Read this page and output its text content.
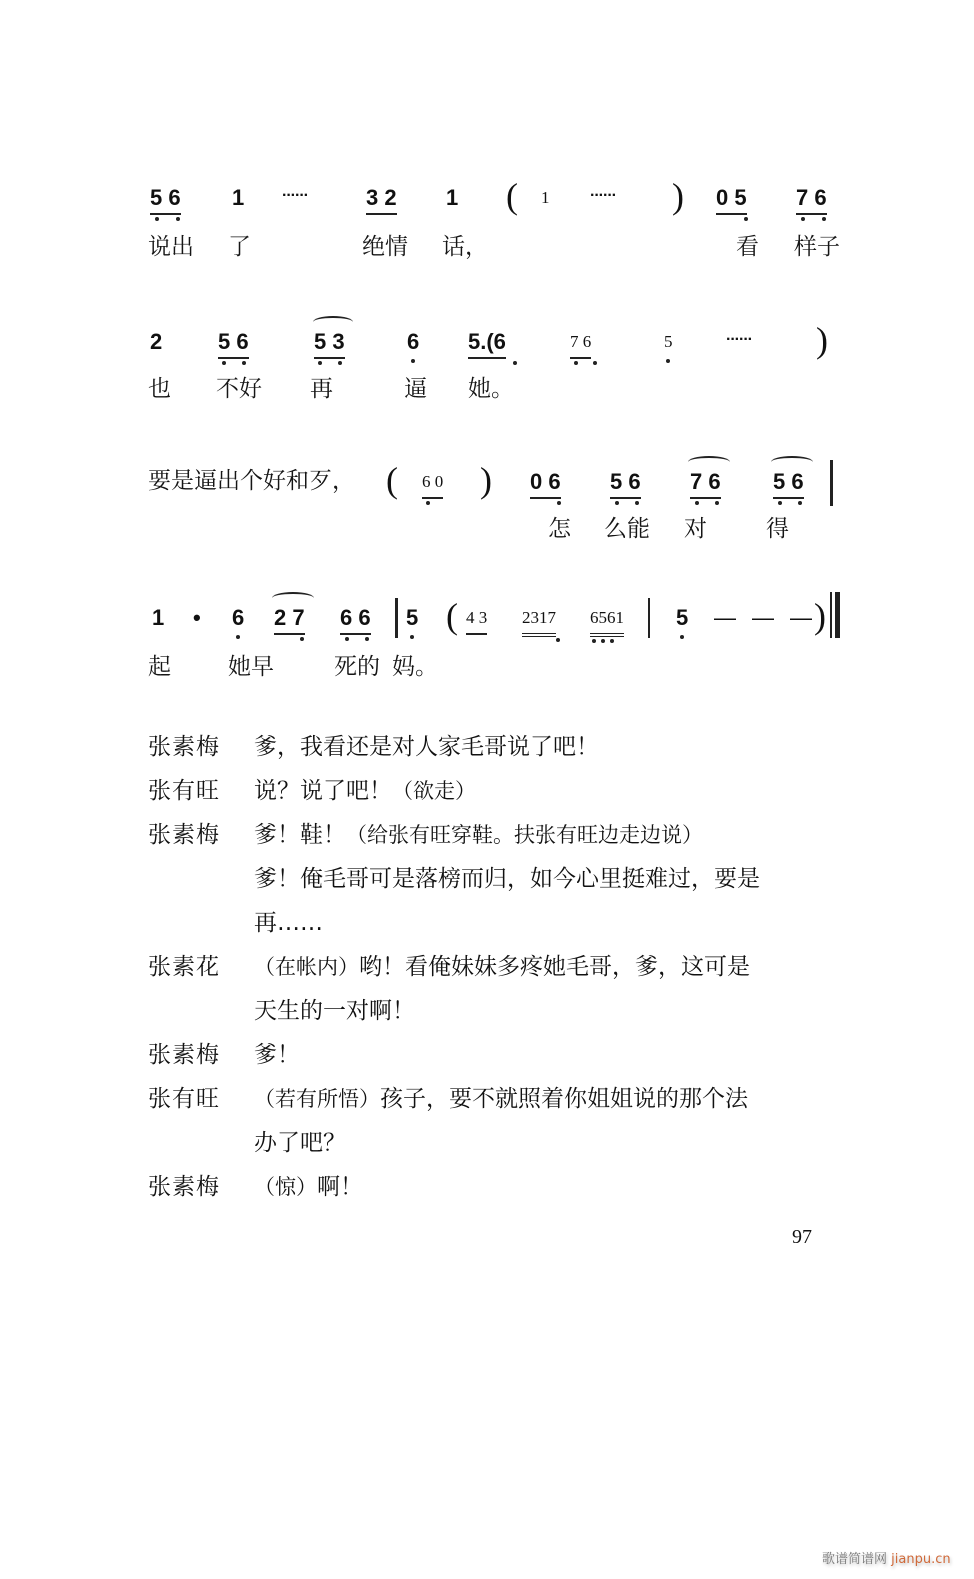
5 6 1 ······	3 2 1 ( 1	······ ) 0 5 7 6
说出 了	绝情 话，	看 样子
2	5 6	5 3	6 5.(6	7 6	5	······ )
也 不好 再	逼 她。
要是逼出个好和歹， ( 6 0 ) 0 6 5 6 7 6 5 6
怎 么能 对	得
1 • 6 2 7 6 6 5 ( 4 3 2317 6561 5 — — — )
起 她早	死的 妈。
张素梅	爹，我看还是对人家毛哥说了吧！
张有旺	说？说了吧！（欲走）
张素梅	爹！鞋！（给张有旺穿鞋。扶张有旺边走边说）
爹！俺毛哥可是落榜而归，如今心里挺难过，要是
再……
张素花	（在帐内）哟！看俺妹妹多疼她毛哥，爹，这可是
天生的一对啊！
张素梅	爹！
张有旺	（若有所悟）孩子，要不就照着你姐姐说的那个法
办了吧？
张素梅	（惊）啊！
97
歌谱简谱网 jianpu.cn
